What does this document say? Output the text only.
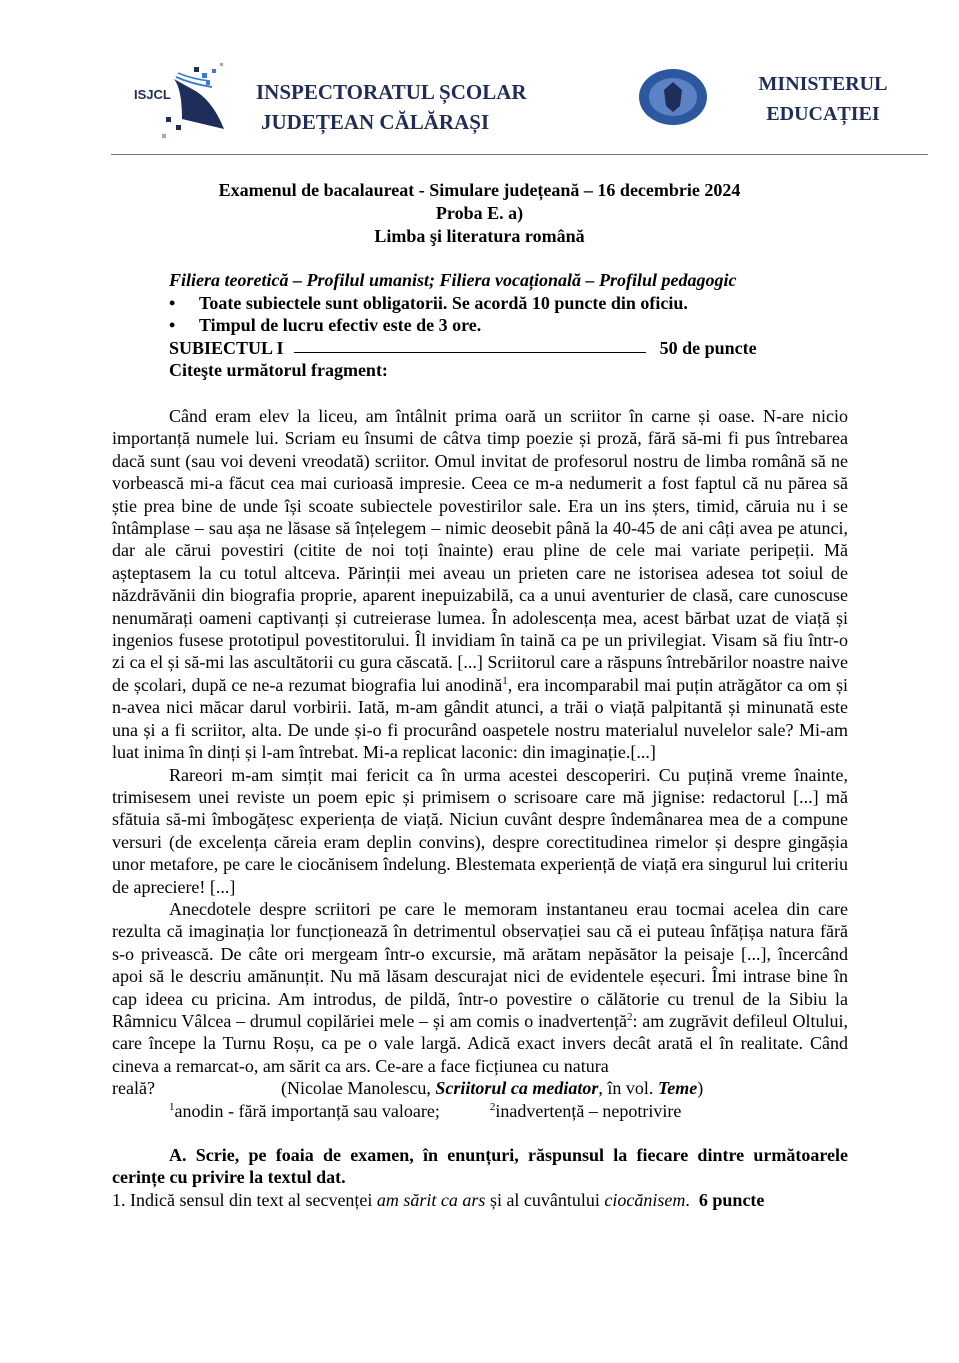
ISJCL	INSPECTORATUL ȘCOLAR
JUDEȚEAN CĂLĂRAȘI
MINISTERUL
EDUCAȚIEI
Examenul de bacalaureat - Simulare județeană – 16 decembrie 2024
Proba E. a)
Limba şi literatura română
Filiera teoretică – Profilul umanist; Filiera vocațională – Profilul pedagogic
• Toate subiectele sunt obligatorii. Se acordă 10 puncte din oficiu.
• Timpul de lucru efectiv este de 3 ore.
SUBIECTUL I	50 de puncte
Citeşte următorul fragment:

Când eram elev la liceu, am întâlnit prima oară un scriitor în carne și oase. N-are nicio importanță numele lui. Scriam eu însumi de câtva timp poezie și proză, fără să-mi fi pus întrebarea dacă sunt (sau voi deveni vreodată) scriitor. Omul invitat de profesorul nostru de limba română să ne vorbească mi-a făcut cea mai curioasă impresie. Ceea ce m-a nedumerit a fost faptul că nu părea să știe prea bine de unde își scoate subiectele povestirilor sale. Era un ins șters, timid, căruia nu i se întâmplase – sau așa ne lăsase să înțelegem – nimic deosebit până la 40-45 de ani câți avea pe atunci, dar ale cărui povestiri (citite de noi toți înainte) erau pline de cele mai variate peripeții. Mă așteptasem la cu totul altceva. Părinții mei aveau un prieten care ne istorisea adesea tot soiul de năzdrăvănii din biografia proprie, aparent inepuizabilă, ca a unui aventurier de clasă, care cunoscuse nenumărați oameni captivanți și cutreierase lumea. În adolescența mea, acest bărbat uzat de viață și ingenios fusese prototipul povestitorului. Îl invidiam în taină ca pe un privilegiat. Visam să fiu într-o zi ca el și să-mi las ascultătorii cu gura căscată. [...] Scriitorul care a răspuns întrebărilor noastre naive de școlari, după ce ne-a rezumat biografia lui anodină$^1$, era incomparabil mai puțin atrăgător ca om și n-avea nici măcar darul vorbirii. Iată, m-am gândit atunci, a trăi o viață palpitantă și minunată este una și a fi scriitor, alta. De unde și-o fi procurând oaspetele nostru materialul nuvelelor sale? Mi-am luat inima în dinți și l-am întrebat. Mi-a replicat laconic: din imaginație.[...]

Rareori m-am simțit mai fericit ca în urma acestei descoperiri. Cu puțină vreme înainte, trimisesem unei reviste un poem epic și primisem o scrisoare care mă jignise: redactorul [...] mă sfătuia să-mi îmbogățesc experiența de viață. Niciun cuvânt despre îndemânarea mea de a compune versuri (de excelența căreia eram deplin convins), despre corectitudinea rimelor și despre gingășia unor metafore, pe care le ciocănisem îndelung. Blestemata experiență de viață era singurul lui criteriu de apreciere! [...]

Anecdotele despre scriitori pe care le memoram instantaneu erau tocmai acelea din care rezulta că imaginația lor funcționează în detrimentul observației sau că ei puteau înfățișa natura fără s-o privească. De câte ori mergeam într-o excursie, mă arătam nepăsător la peisaje [...], încercând apoi să le descriu amănunțit. Nu mă lăsam descurajat nici de evidentele eșecuri. Îmi intrase bine în cap ideea cu pricina. Am introdus, de pildă, într-o povestire o călătorie cu trenul de la Sibiu la Râmnicu Vâlcea – drumul copilăriei mele – și am comis o inadvertență$^2$: am zugrăvit defileul Oltului, care începe la Turnu Roșu, ca pe o vale largă. Adică exact invers decât arată el în realitate. Când cineva a remarcat-o, am sărit ca ars. Ce-are a face ficțiunea cu natura

reală?	(Nicolae Manolescu, Scriitorul ca mediator, în vol. Teme)

$^1$anodin - fără importanță sau valoare;	$^2$inadvertență – nepotrivire

A. Scrie, pe foaia de examen, în enunțuri, răspunsul la fiecare dintre următoarele cerințe cu privire la textul dat.

1. Indică sensul din text al secvenței am sărit ca ars și al cuvântului ciocănisem.  6 puncte
